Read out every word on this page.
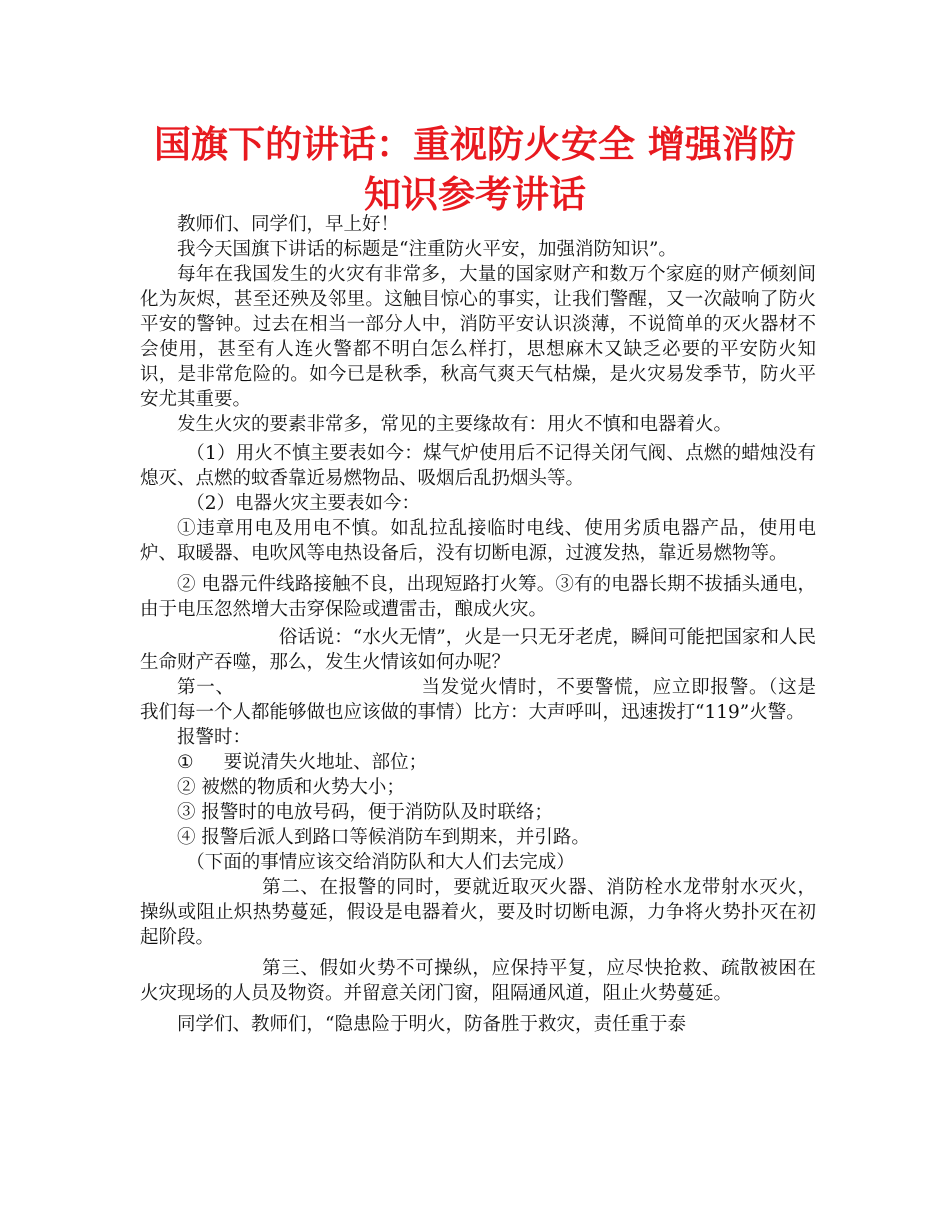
国旗下的讲话：重视防火安全 增强消防知识参考讲话

教师们、同学们，早上好！

我今天国旗下讲话的标题是“注重防火平安，加强消防知识”。

每年在我国发生的火灾有非常多，大量的国家财产和数万个家庭的财产倾刻间化为灰烬，甚至还殃及邻里。这触目惊心的事实，让我们警醒，又一次敲响了防火平安的警钟。过去在相当一部分人中，消防平安认识淡薄，不说简单的灭火器材不会使用，甚至有人连火警都不明白怎么样打，思想麻木又缺乏必要的平安防火知识，是非常危险的。如今已是秋季，秋高气爽天气枯燥，是火灾易发季节，防火平安尤其重要。

发生火灾的要素非常多，常见的主要缘故有：用火不慎和电器着火。

（1）用火不慎主要表如今：煤气炉使用后不记得关闭气阀、点燃的蜡烛没有熄灭、点燃的蚊香靠近易燃物品、吸烟后乱扔烟头等。

（2）电器火灾主要表如今：

①违章用电及用电不慎。如乱拉乱接临时电线、使用劣质电器产品，使用电炉、取暖器、电吹风等电热设备后，没有切断电源，过渡发热，靠近易燃物等。

② 电器元件线路接触不良，出现短路打火筹。③有的电器长期不拔插头通电，由于电压忽然增大击穿保险或遭雷击，酿成火灾。

俗话说：“水火无情”，火是一只无牙老虎，瞬间可能把国家和人民生命财产吞噬，那么，发生火情该如何办呢？

第一、	当发觉火情时，不要警慌，应立即报警。（这是我们每一个人都能够做也应该做的事情）比方：大声呼叫，迅速拨打“119”火警。

报警时：

① 要说清失火地址、部位；

② 被燃的物质和火势大小；

③ 报警时的电放号码，便于消防队及时联络；

④ 报警后派人到路口等候消防车到期来，并引路。

（下面的事情应该交给消防队和大人们去完成）

第二、在报警的同时，要就近取灭火器、消防栓水龙带射水灭火，操纵或阻止炽热势蔓延，假设是电器着火，要及时切断电源，力争将火势扑灭在初起阶段。

第三、假如火势不可操纵，应保持平复，应尽快抢救、疏散被困在火灾现场的人员及物资。并留意关闭门窗，阻隔通风道，阻止火势蔓延。

同学们、教师们，“隐患险于明火，防备胜于救灾，责任重于泰
